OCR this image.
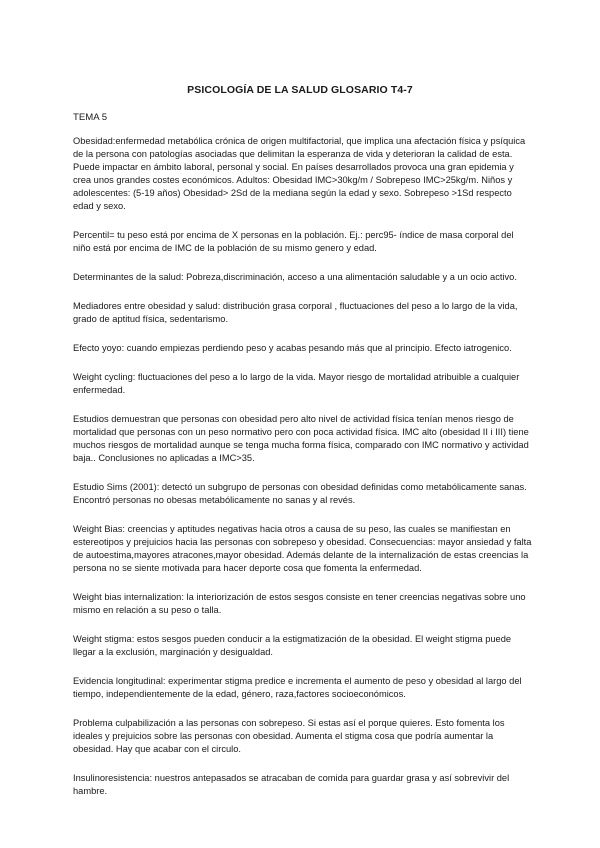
PSICOLOGÍA DE LA SALUD GLOSARIO T4-7
TEMA 5

Obesidad:enfermedad metabólica crónica de origen multifactorial, que implica una afectación física y psíquica de la persona con patologías asociadas que delimitan la esperanza de vida y deterioran la calidad de esta. Puede impactar en ámbito laboral, personal y social. En países desarrollados provoca una gran epidemia y crea unos grandes costes económicos. Adultos: Obesidad IMC>30kg/m / Sobrepeso IMC>25kg/m. Niños y adolescentes: (5-19 años) Obesidad> 2Sd de la mediana según la edad y sexo. Sobrepeso >1Sd respecto edad y sexo.

Percentil= tu peso está por encima de X personas en la población. Ej.: perc95- índice de masa corporal del niño está por encima de IMC de la población de su mismo genero y edad.

Determinantes de la salud: Pobreza,discriminación, acceso a una alimentación saludable y a un ocio activo.

Mediadores entre obesidad y salud: distribución grasa corporal , fluctuaciones del peso a lo largo de la vida, grado de aptitud física, sedentarismo.

Efecto yoyo: cuando empiezas perdiendo peso y acabas pesando más que al principio. Efecto iatrogenico.

Weight cycling: fluctuaciones del peso a lo largo de la vida. Mayor riesgo de mortalidad atribuible a cualquier enfermedad.

Estudios demuestran que personas con obesidad pero alto nivel de actividad física tenían menos riesgo de mortalidad que personas con un peso normativo pero con poca actividad física. IMC alto (obesidad II i III) tiene muchos riesgos de mortalidad aunque se tenga mucha forma física, comparado con IMC normativo y actividad baja.. Conclusiones no aplicadas a IMC>35.

Estudio Sims (2001): detectó un subgrupo de personas con obesidad definidas como metabólicamente sanas. Encontró personas no obesas metabólicamente no sanas y al revés.

Weight Bias: creencias y aptitudes negativas hacia otros a causa de su peso, las cuales se manifiestan en estereotipos y prejuicios hacia las personas con sobrepeso y obesidad. Consecuencias: mayor ansiedad y falta de autoestima,mayores atracones,mayor obesidad. Además delante de la internalización de estas creencias la persona no se siente motivada para hacer deporte cosa que fomenta la enfermedad.

Weight bias internalization: la interiorización de estos sesgos consiste en tener creencias negativas sobre uno mismo en relación a su peso o talla.

Weight stigma: estos sesgos pueden conducir a la estigmatización de la obesidad. El weight stigma puede llegar a la exclusión, marginación y desigualdad.

Evidencia longitudinal: experimentar stigma predice e incrementa el aumento de peso y obesidad al largo del tiempo, independientemente de la edad, género, raza,factores socioeconómicos.

Problema culpabilización a las personas con sobrepeso. Si estas así el porque quieres. Esto fomenta los ideales y prejuicios sobre las personas con obesidad. Aumenta el stigma cosa que podría aumentar la obesidad. Hay que acabar con el circulo.

Insulinoresistencia: nuestros antepasados se atracaban de comida para guardar grasa y así sobrevivir del hambre.
